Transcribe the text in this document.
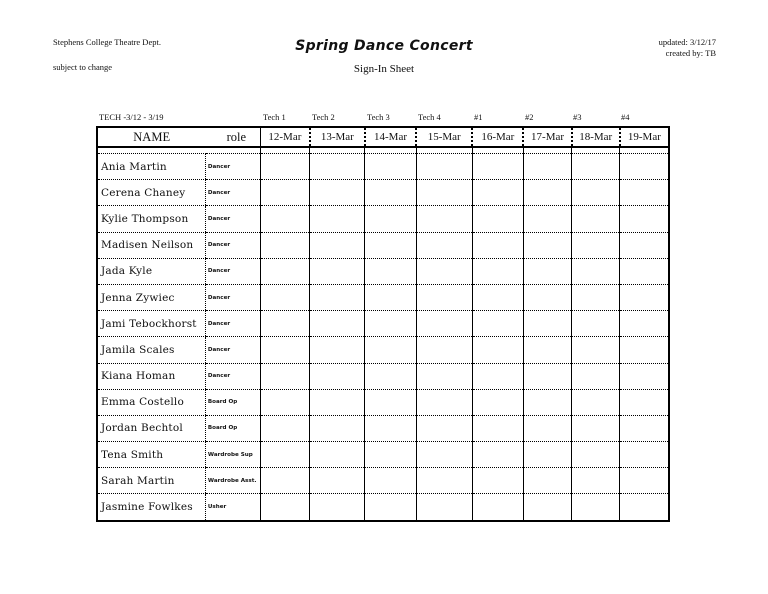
Stephens College Theatre Dept.
subject to change
Spring Dance Concert
Sign-In Sheet
updated: 3/12/17
created by: TB
TECH -3/12 - 3/19	Tech 1	Tech 2	Tech 3	Tech 4	#1	#2	#3	#4
NAME	role	12-Mar	13-Mar	14-Mar	15-Mar	16-Mar	17-Mar	18-Mar	19-Mar

Ania Martin	Dancer								
Cerena Chaney	Dancer								
Kylie Thompson	Dancer								
Madisen Neilson	Dancer								
Jada Kyle	Dancer								
Jenna Zywiec	Dancer								
Jami Tebockhorst	Dancer								
Jamila Scales	Dancer								
Kiana Homan	Dancer								
Emma Costello	Board Op								
Jordan Bechtol	Board Op								
Tena Smith	Wardrobe Sup								
Sarah Martin	Wardrobe Asst.								
Jasmine Fowlkes	Usher								
